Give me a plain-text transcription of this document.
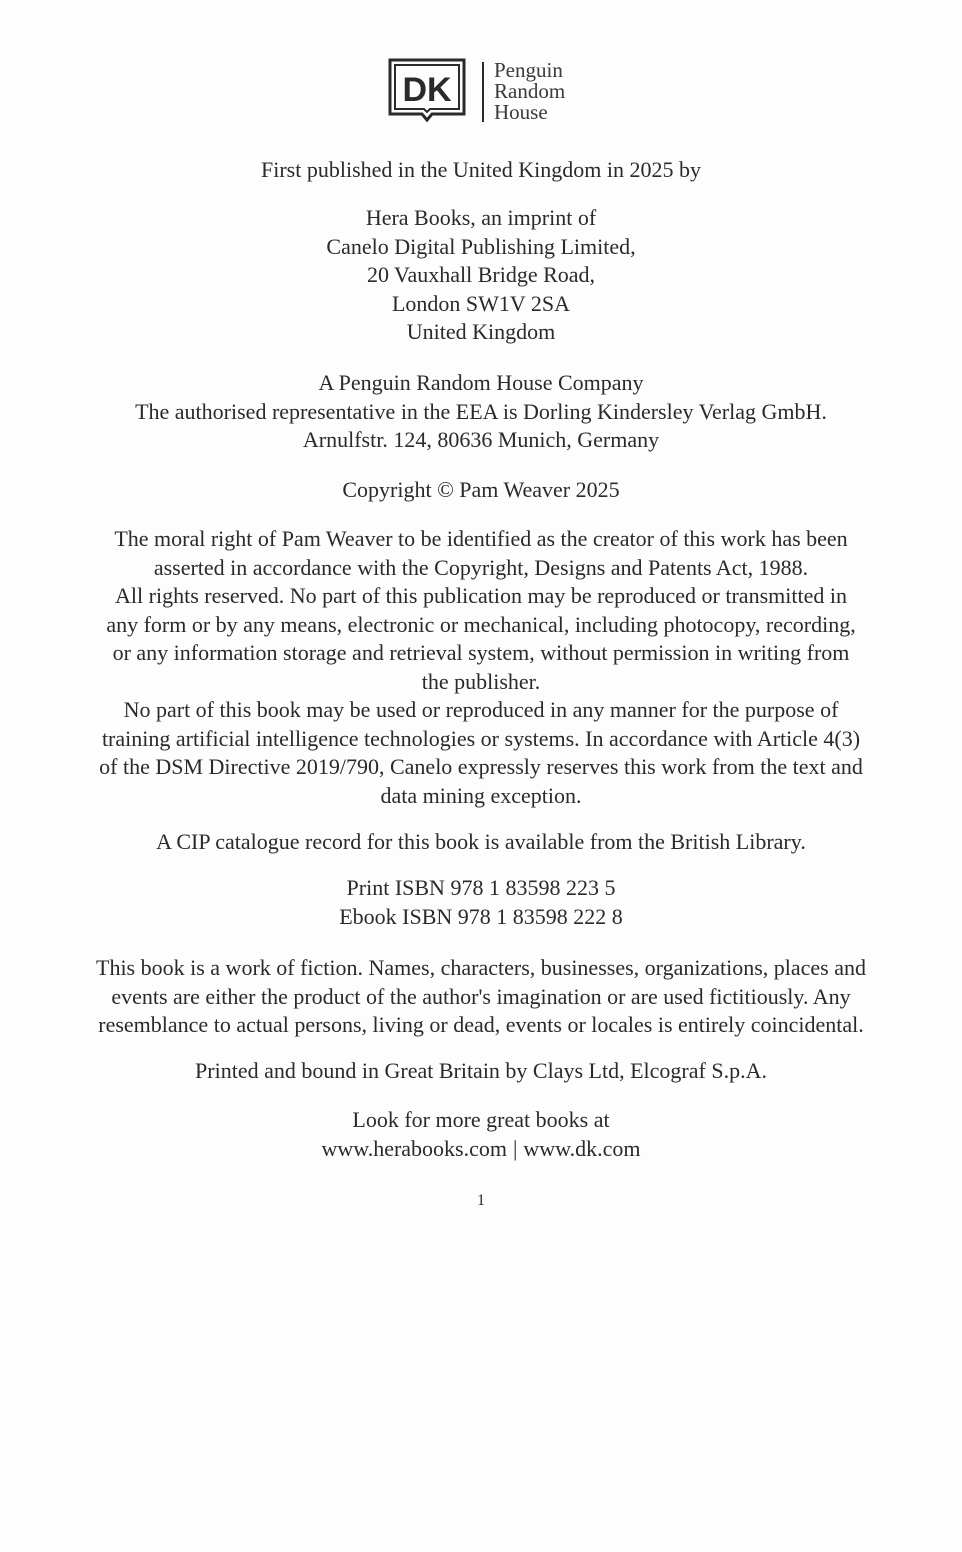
DK
Penguin
Random
House
First published in the United Kingdom in 2025 by
Hera Books, an imprint of
Canelo Digital Publishing Limited,
20 Vauxhall Bridge Road,
London SW1V 2SA
United Kingdom
A Penguin Random House Company
The authorised representative in the EEA is Dorling Kindersley Verlag GmbH.
Arnulfstr. 124, 80636 Munich, Germany
Copyright © Pam Weaver 2025
The moral right of Pam Weaver to be identified as the creator of this work has been
asserted in accordance with the Copyright, Designs and Patents Act, 1988.
All rights reserved. No part of this publication may be reproduced or transmitted in
any form or by any means, electronic or mechanical, including photocopy, recording,
or any information storage and retrieval system, without permission in writing from
the publisher.
No part of this book may be used or reproduced in any manner for the purpose of
training artificial intelligence technologies or systems. In accordance with Article 4(3)
of the DSM Directive 2019/790, Canelo expressly reserves this work from the text and
data mining exception.
A CIP catalogue record for this book is available from the British Library.
Print ISBN 978 1 83598 223 5
Ebook ISBN 978 1 83598 222 8
This book is a work of fiction. Names, characters, businesses, organizations, places and
events are either the product of the author's imagination or are used fictitiously. Any
resemblance to actual persons, living or dead, events or locales is entirely coincidental.
Printed and bound in Great Britain by Clays Ltd, Elcograf S.p.A.
Look for more great books at
www.herabooks.com | www.dk.com
1
